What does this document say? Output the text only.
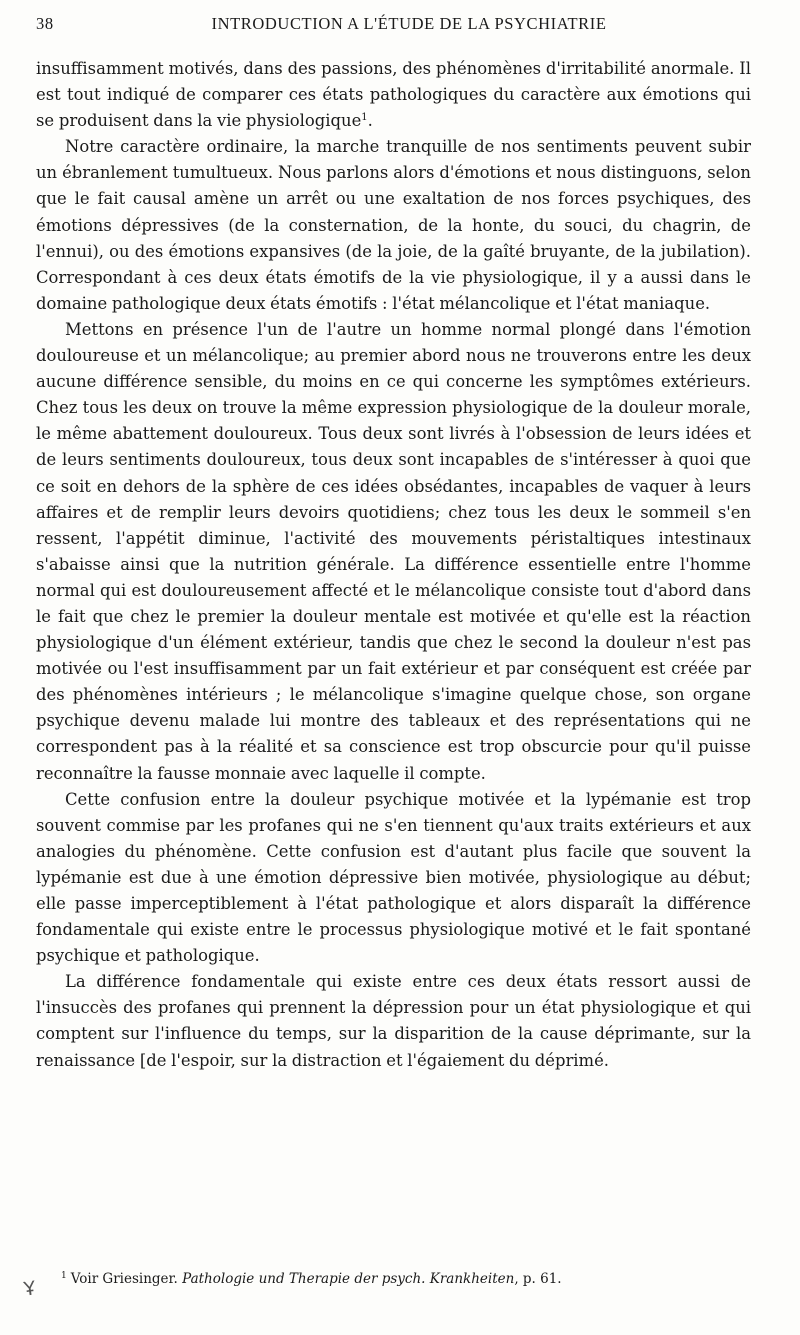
38	INTRODUCTION A L'ÉTUDE DE LA PSYCHIATRIE

insuffisamment motivés, dans des passions, des phénomènes d'irritabilité anormale. Il est tout indiqué de comparer ces états pathologiques du caractère aux émotions qui se produisent dans la vie physiologique$^1$.

Notre caractère ordinaire, la marche tranquille de nos sentiments peuvent subir un ébranlement tumultueux. Nous parlons alors d'émotions et nous distinguons, selon que le fait causal amène un arrêt ou une exaltation de nos forces psychiques, des émotions dépressives (de la consternation, de la honte, du souci, du chagrin, de l'ennui), ou des émotions expansives (de la joie, de la gaîté bruyante, de la jubilation). Correspondant à ces deux états émotifs de la vie physiologique, il y a aussi dans le domaine pathologique deux états émotifs : l'état mélancolique et l'état maniaque.

Mettons en présence l'un de l'autre un homme normal plongé dans l'émotion douloureuse et un mélancolique; au premier abord nous ne trouverons entre les deux aucune différence sensible, du moins en ce qui concerne les symptômes extérieurs. Chez tous les deux on trouve la même expression physiologique de la douleur morale, le même abattement douloureux. Tous deux sont livrés à l'obsession de leurs idées et de leurs sentiments douloureux, tous deux sont incapables de s'intéresser à quoi que ce soit en dehors de la sphère de ces idées obsédantes, incapables de vaquer à leurs affaires et de remplir leurs devoirs quotidiens; chez tous les deux le sommeil s'en ressent, l'appétit diminue, l'activité des mouvements péristaltiques intestinaux s'abaisse ainsi que la nutrition générale. La différence essentielle entre l'homme normal qui est douloureusement affecté et le mélancolique consiste tout d'abord dans le fait que chez le premier la douleur mentale est motivée et qu'elle est la réaction physiologique d'un élément extérieur, tandis que chez le second la douleur n'est pas motivée ou l'est insuffisamment par un fait extérieur et par conséquent est créée par des phénomènes intérieurs ; le mélancolique s'imagine quelque chose, son organe psychique devenu malade lui montre des tableaux et des représentations qui ne correspondent pas à la réalité et sa conscience est trop obscurcie pour qu'il puisse reconnaître la fausse monnaie avec laquelle il compte.

Cette confusion entre la douleur psychique motivée et la lypémanie est trop souvent commise par les profanes qui ne s'en tiennent qu'aux traits extérieurs et aux analogies du phénomène. Cette confusion est d'autant plus facile que souvent la lypémanie est due à une émotion dépressive bien motivée, physiologique au début; elle passe imperceptiblement à l'état pathologique et alors disparaît la différence fondamentale qui existe entre le processus physiologique motivé et le fait spontané psychique et pathologique.

La différence fondamentale qui existe entre ces deux états ressort aussi de l'insuccès des profanes qui prennent la dépression pour un état physiologique et qui comptent sur l'influence du temps, sur la disparition de la cause déprimante, sur la renaissance [de l'espoir, sur la distraction et l'égaiement du déprimé.

$^1$ Voir Griesinger. Pathologie und Therapie der psych. Krankheiten, p. 61.
Ұ
